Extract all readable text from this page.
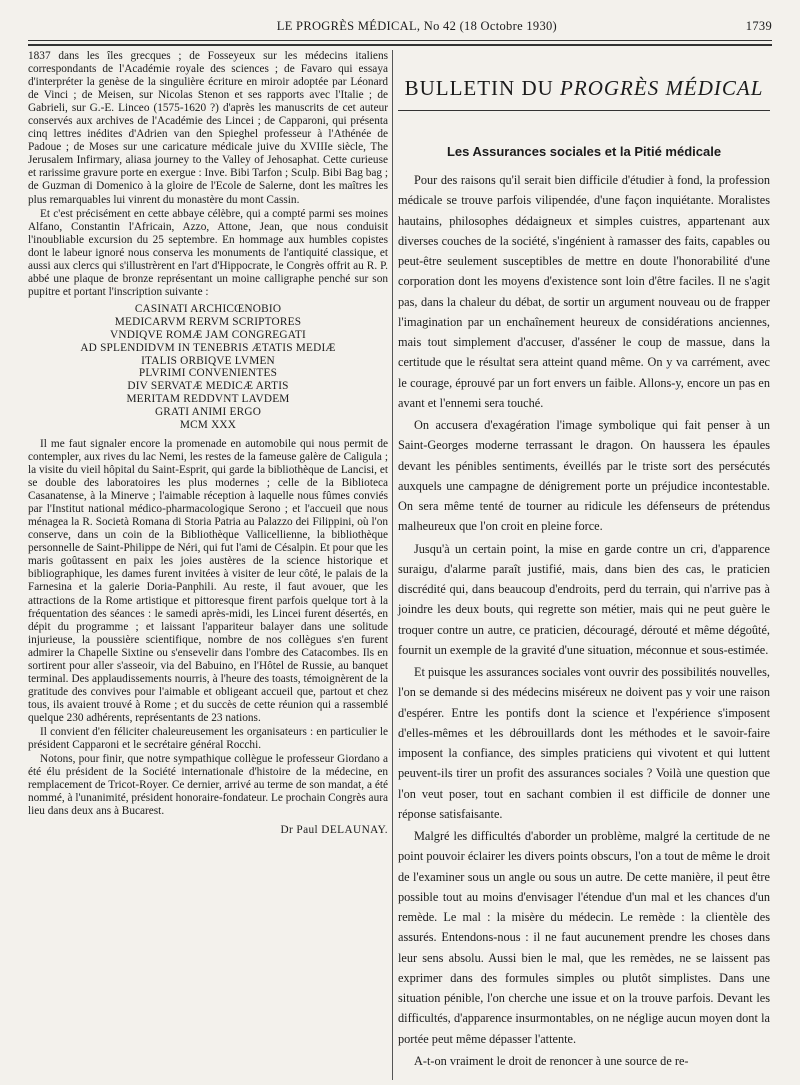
LE PROGRÈS MÉDICAL, No 42 (18 Octobre 1930)	1739

1837 dans les îles grecques ; de Fosseyeux sur les médecins italiens correspondants de l'Académie royale des sciences ; de Favaro qui essaya d'interpréter la genèse de la singulière écriture en miroir adoptée par Léonard de Vinci ; de Meisen, sur Nicolas Stenon et ses rapports avec l'Italie ; de Gabrieli, sur G.-E. Linceo (1575-1620 ?) d'après les manuscrits de cet auteur conservés aux archives de l'Académie des Lincei ; de Capparoni, qui présenta cinq lettres inédites d'Adrien van den Spieghel professeur à l'Athénée de Padoue ; de Moses sur une caricature médicale juive du XVIIIe siècle, The Jerusalem Infirmary, aliasa journey to the Valley of Jehosaphat. Cette curieuse et rarissime gravure porte en exergue : Inve. Bibi Tarfon ; Sculp. Bibi Bag bag ; de Guzman di Domenico à la gloire de l'Ecole de Salerne, dont les maîtres les plus remarquables lui vinrent du monastère du mont Cassin.

Et c'est précisément en cette abbaye célèbre, qui a compté parmi ses moines Alfano, Constantin l'Africain, Azzo, Attone, Jean, que nous conduisit l'inoubliable excursion du 25 septembre. En hommage aux humbles copistes dont le labeur ignoré nous conserva les monuments de l'antiquité classique, et aussi aux clercs qui s'illustrèrent en l'art d'Hippocrate, le Congrès offrit au R. P. abbé une plaque de bronze représentant un moine calligraphe penché sur son pupitre et portant l'inscription suivante :

CASINATI ARCHICŒNOBIO
MEDICARVM RERVM SCRIPTORES
VNDIQVE ROMÆ JAM CONGREGATI
AD SPLENDIDVM IN TENEBRIS ÆTATIS MEDIÆ
ITALIS ORBIQVE LVMEN
PLVRIMI CONVENIENTES
DIV SERVATÆ MEDICÆ ARTIS
MERITAM REDDVNT LAVDEM
GRATI ANIMI ERGO
MCM XXX

Il me faut signaler encore la promenade en automobile qui nous permit de contempler, aux rives du lac Nemi, les restes de la fameuse galère de Caligula ; la visite du vieil hôpital du Saint-Esprit, qui garde la bibliothèque de Lancisi, et se double des laboratoires les plus modernes ; celle de la Biblioteca Casanatense, à la Minerve ; l'aimable réception à laquelle nous fûmes conviés par l'Institut national médico-pharmacologique Serono ; et l'accueil que nous ménagea la R. Società Romana di Storia Patria au Palazzo dei Filippini, où l'on conserve, dans un coin de la Bibliothèque Vallicellienne, la bibliothèque personnelle de Saint-Philippe de Néri, qui fut l'ami de Césalpin. Et pour que les maris goûtassent en paix les joies austères de la science historique et bibliographique, les dames furent invitées à visiter de leur côté, le palais de la Farnesina et la galerie Doria-Panphili. Au reste, il faut avouer, que les attractions de la Rome artistique et pittoresque firent parfois quelque tort à la fréquentation des séances : le samedi après-midi, les Lincei furent désertés, en dépit du programme ; et laissant l'appariteur balayer dans une solitude injurieuse, la poussière scientifique, nombre de nos collègues s'en furent admirer la Chapelle Sixtine ou s'ensevelir dans l'ombre des Catacombes. Ils en sortirent pour aller s'asseoir, via del Babuino, en l'Hôtel de Russie, au banquet terminal. Des applaudissements nourris, à l'heure des toasts, témoignèrent de la gratitude des convives pour l'aimable et obligeant accueil que, partout et chez tous, ils avaient trouvé à Rome ; et du succès de cette réunion qui a rassemblé quelque 230 adhérents, représentants de 23 nations.

Il convient d'en féliciter chaleureusement les organisateurs : en particulier le président Capparoni et le secrétaire général Rocchi.

Notons, pour finir, que notre sympathique collègue le professeur Giordano a été élu président de la Société internationale d'histoire de la médecine, en remplacement de Tricot-Royer. Ce dernier, arrivé au terme de son mandat, a été nommé, à l'unanimité, président honoraire-fondateur. Le prochain Congrès aura lieu dans deux ans à Bucarest.

Dr Paul DELAUNAY.
BULLETIN DU PROGRÈS MÉDICAL
Les Assurances sociales et la Pitié médicale

Pour des raisons qu'il serait bien difficile d'étudier à fond, la profession médicale se trouve parfois vilipendée, d'une façon inquiétante. Moralistes hautains, philosophes dédaigneux et simples cuistres, appartenant aux diverses couches de la société, s'ingénient à ramasser des faits, capables ou peut-être seulement susceptibles de mettre en doute l'honorabilité d'une corporation dont les moyens d'existence sont loin d'être faciles. Il ne s'agit pas, dans la chaleur du débat, de sortir un argument nouveau ou de frapper l'imagination par un enchaînement heureux de considérations anciennes, mais tout simplement d'accuser, d'asséner le coup de massue, dans la certitude que le résultat sera atteint quand même. On y va carrément, avec le courage, éprouvé par un fort envers un faible. Allons-y, encore un pas en avant et l'ennemi sera touché.

On accusera d'exagération l'image symbolique qui fait penser à un Saint-Georges moderne terrassant le dragon. On haussera les épaules devant les pénibles sentiments, éveillés par le triste sort des persécutés auxquels une campagne de dénigrement porte un préjudice incontestable. On sera même tenté de tourner au ridicule les défenseurs de prétendus malheureux que l'on croit en pleine force.

Jusqu'à un certain point, la mise en garde contre un cri, d'apparence suraigu, d'alarme paraît justifié, mais, dans bien des cas, le praticien discrédité qui, dans beaucoup d'endroits, perd du terrain, qui n'arrive pas à joindre les deux bouts, qui regrette son métier, mais qui ne peut guère le troquer contre un autre, ce praticien, découragé, dérouté et même dégoûté, fournit un exemple de la gravité d'une situation, méconnue et sous-estimée.

Et puisque les assurances sociales vont ouvrir des possibilités nouvelles, l'on se demande si des médecins miséreux ne doivent pas y voir une raison d'espérer. Entre les pontifs dont la science et l'expérience s'imposent d'elles-mêmes et les débrouillards dont les méthodes et le savoir-faire imposent la confiance, des simples praticiens qui vivotent et qui luttent peuvent-ils tirer un profit des assurances sociales ? Voilà une question que l'on veut poser, tout en sachant combien il est difficile de donner une réponse satisfaisante.

Malgré les difficultés d'aborder un problème, malgré la certitude de ne point pouvoir éclairer les divers points obscurs, l'on a tout de même le droit de l'examiner sous un angle ou sous un autre. De cette manière, il peut être possible tout au moins d'envisager l'étendue d'un mal et les chances d'un remède. Le mal : la misère du médecin. Le remède : la clientèle des assurés. Entendons-nous : il ne faut aucunement prendre les choses dans leur sens absolu. Aussi bien le mal, que les remèdes, ne se laissent pas exprimer dans des formules simples ou plutôt simplistes. Dans une situation pénible, l'on cherche une issue et on la trouve parfois. Devant les difficultés, d'apparence insurmontables, on ne néglige aucun moyen dont la portée peut même dépasser l'attente.

A-t-on vraiment le droit de renoncer à une source de re-
